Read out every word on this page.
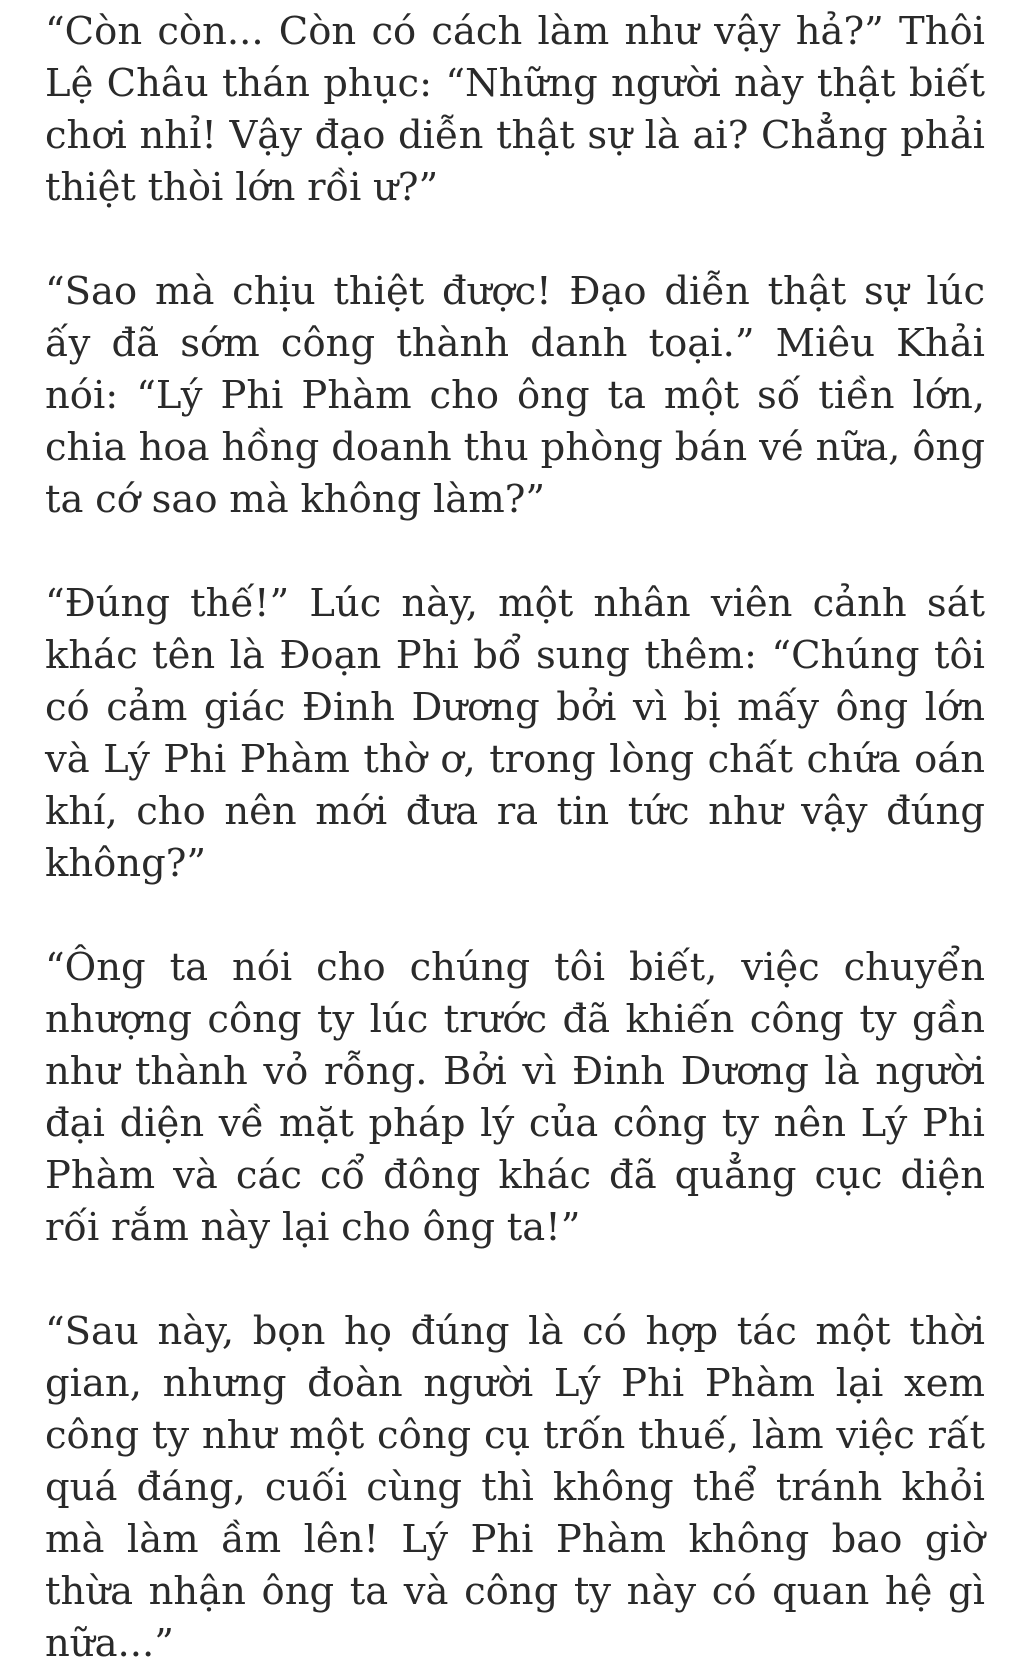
“Còn còn... Còn có cách làm như vậy hả?” Thôi Lệ Châu thán phục: “Những người này thật biết chơi nhỉ! Vậy đạo diễn thật sự là ai? Chẳng phải thiệt thòi lớn rồi ư?”

“Sao mà chịu thiệt được! Đạo diễn thật sự lúc ấy đã sớm công thành danh toại.” Miêu Khải nói: “Lý Phi Phàm cho ông ta một số tiền lớn, chia hoa hồng doanh thu phòng bán vé nữa, ông ta cớ sao mà không làm?”

“Đúng thế!” Lúc này, một nhân viên cảnh sát khác tên là Đoạn Phi bổ sung thêm: “Chúng tôi có cảm giác Đinh Dương bởi vì bị mấy ông lớn và Lý Phi Phàm thờ ơ, trong lòng chất chứa oán khí, cho nên mới đưa ra tin tức như vậy đúng không?”

“Ông ta nói cho chúng tôi biết, việc chuyển nhượng công ty lúc trước đã khiến công ty gần như thành vỏ rỗng. Bởi vì Đinh Dương là người đại diện về mặt pháp lý của công ty nên Lý Phi Phàm và các cổ đông khác đã quẳng cục diện rối rắm này lại cho ông ta!”

“Sau này, bọn họ đúng là có hợp tác một thời gian, nhưng đoàn người Lý Phi Phàm lại xem công ty như một công cụ trốn thuế, làm việc rất quá đáng, cuối cùng thì không thể tránh khỏi mà làm ầm lên! Lý Phi Phàm không bao giờ thừa nhận ông ta và công ty này có quan hệ gì nữa...”
